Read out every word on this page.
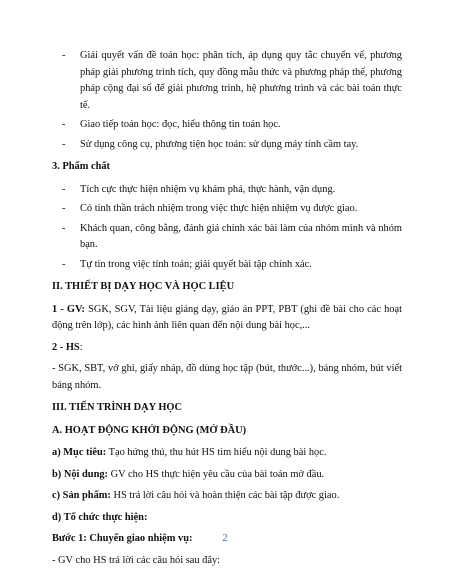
-	Giải quyết vấn đề toán học: phân tích, áp dụng quy tắc chuyển vế, phương pháp giải phương trình tích, quy đồng mẫu thức và phương pháp thế, phương pháp cộng đại số để giải phương trình, hệ phương trình và các bài toán thực tế.
-	Giao tiếp toán học: đọc, hiểu thông tin toán học.
-	Sử dụng công cụ, phương tiện học toán: sử dụng máy tính cầm tay.
3. Phẩm chất
-	Tích cực thực hiện nhiệm vụ khám phá, thực hành, vận dụng.
-	Có tinh thần trách nhiệm trong việc thực hiện nhiệm vụ được giao.
-	Khách quan, công bằng, đánh giá chính xác bài làm của nhóm mình và nhóm bạn.
-	Tự tin trong việc tính toán; giải quyết bài tập chính xác.
II. THIẾT BỊ DẠY HỌC VÀ HỌC LIỆU

1 - GV: SGK, SGV, Tài liệu giảng dạy, giáo án PPT, PBT (ghi đề bài cho các hoạt động trên lớp), các hình ảnh liên quan đến nội dung bài học,...

2 - HS:

- SGK, SBT, vở ghi, giấy nháp, đồ dùng học tập (bút, thước...), bảng nhóm, bút viết bảng nhóm.

III. TIẾN TRÌNH DẠY HỌC
A. HOẠT ĐỘNG KHỞI ĐỘNG (MỞ ĐẦU)

a) Mục tiêu: Tạo hứng thú, thu hút HS tìm hiểu nội dung bài học.

b) Nội dung: GV cho HS thực hiện yêu cầu của bài toán mở đầu.

c) Sản phẩm: HS trả lời câu hỏi và hoàn thiện các bài tập được giao.

d) Tổ chức thực hiện:

Bước 1: Chuyển giao nhiệm vụ:

- GV cho HS trả lời các câu hỏi sau đây:

2
